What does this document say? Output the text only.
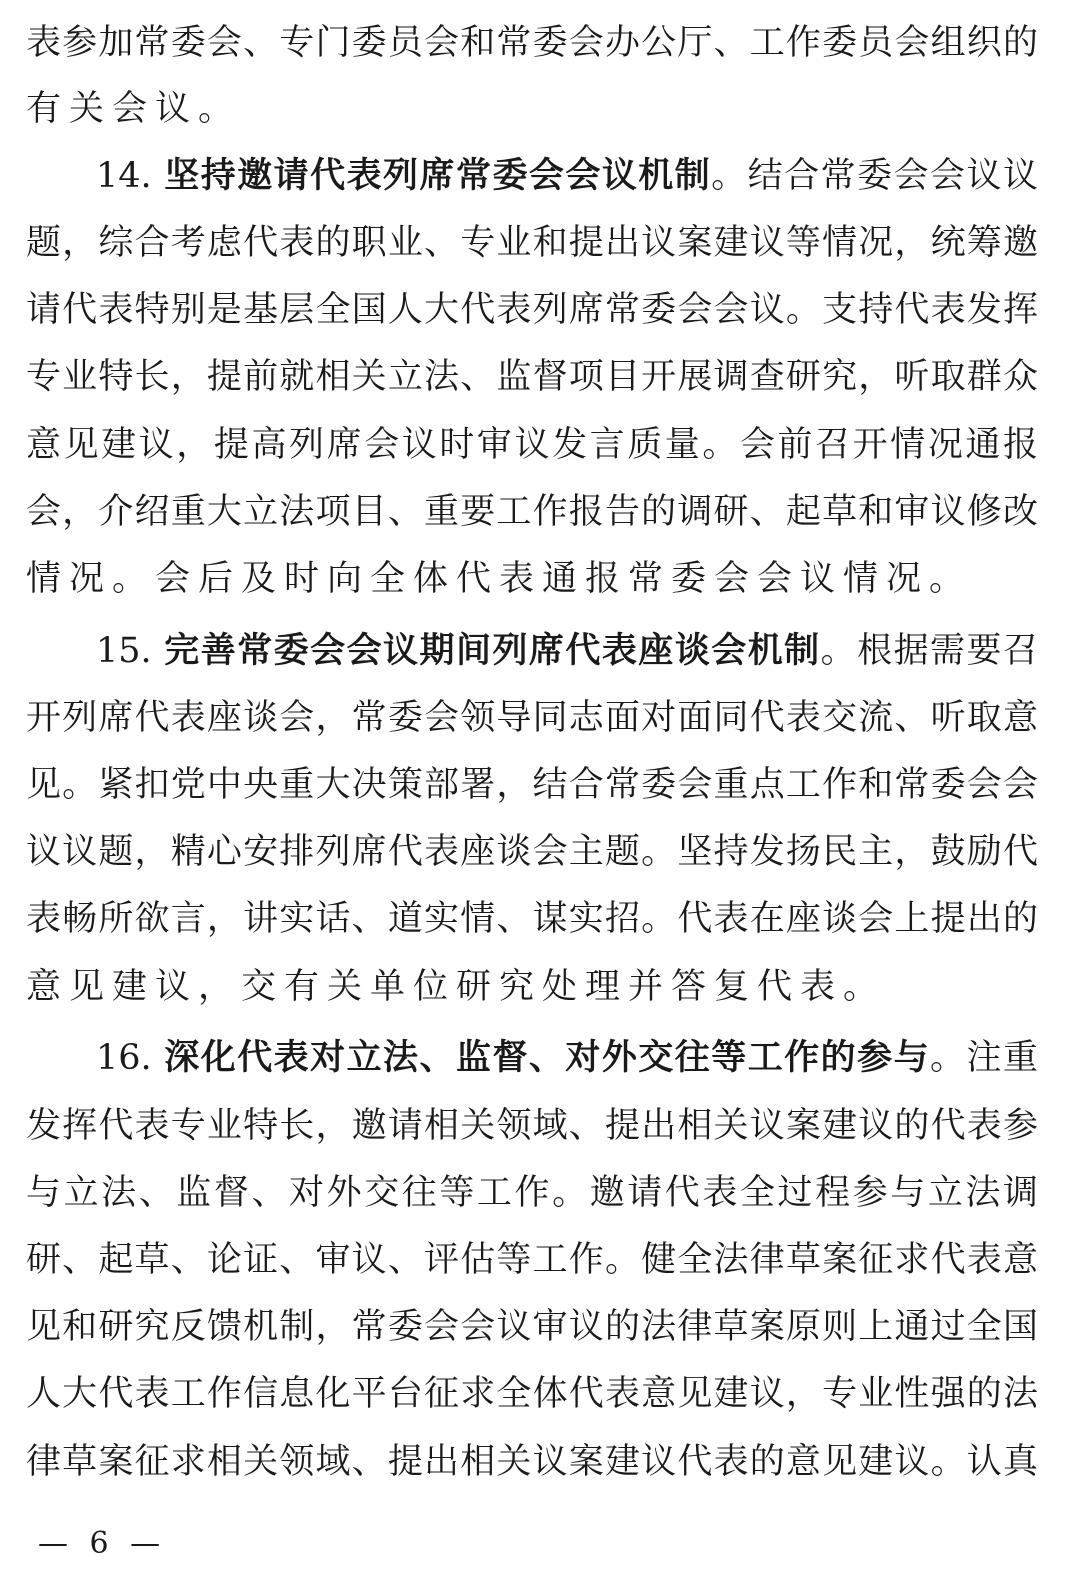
表参加常委会、专门委员会和常委会办公厅、工作委员会组织的
有关会议。
14. 坚持邀请代表列席常委会会议机制。结合常委会会议议
题，综合考虑代表的职业、专业和提出议案建议等情况，统筹邀
请代表特别是基层全国人大代表列席常委会会议。支持代表发挥
专业特长，提前就相关立法、监督项目开展调查研究，听取群众
意见建议，提高列席会议时审议发言质量。会前召开情况通报
会，介绍重大立法项目、重要工作报告的调研、起草和审议修改
情况。会后及时向全体代表通报常委会会议情况。
15. 完善常委会会议期间列席代表座谈会机制。根据需要召
开列席代表座谈会，常委会领导同志面对面同代表交流、听取意
见。紧扣党中央重大决策部署，结合常委会重点工作和常委会会
议议题，精心安排列席代表座谈会主题。坚持发扬民主，鼓励代
表畅所欲言，讲实话、道实情、谋实招。代表在座谈会上提出的
意见建议，交有关单位研究处理并答复代表。
16. 深化代表对立法、监督、对外交往等工作的参与。注重
发挥代表专业特长，邀请相关领域、提出相关议案建议的代表参
与立法、监督、对外交往等工作。邀请代表全过程参与立法调
研、起草、论证、审议、评估等工作。健全法律草案征求代表意
见和研究反馈机制，常委会会议审议的法律草案原则上通过全国
人大代表工作信息化平台征求全体代表意见建议，专业性强的法
律草案征求相关领域、提出相关议案建议代表的意见建议。认真
— 6 —
